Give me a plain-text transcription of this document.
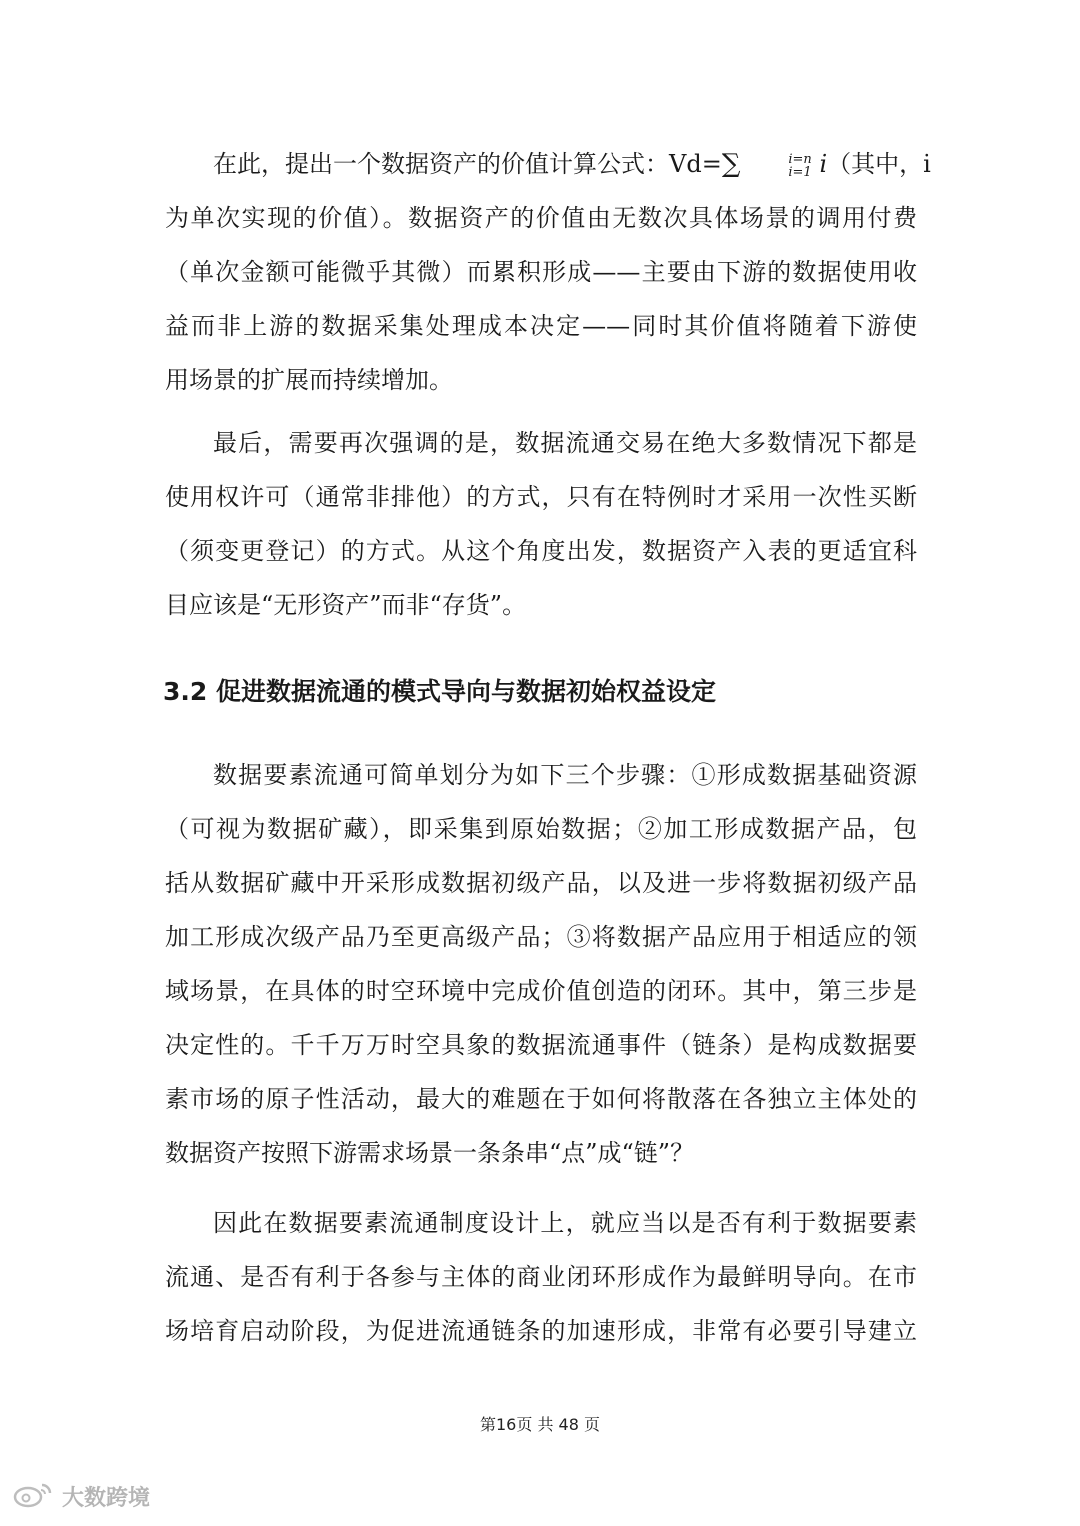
在此，提出一个数据资产的价值计算公式：Vd=∑	i=n
i=1 i（其中，i
为单次实现的价值）。数据资产的价值由无数次具体场景的调用付费
（单次金额可能微乎其微）而累积形成——主要由下游的数据使用收
益而非上游的数据采集处理成本决定——同时其价值将随着下游使
用场景的扩展而持续增加。
最后，需要再次强调的是，数据流通交易在绝大多数情况下都是
使用权许可（通常非排他）的方式，只有在特例时才采用一次性买断
（须变更登记）的方式。从这个角度出发，数据资产入表的更适宜科
目应该是“无形资产”而非“存货”。
3.2 促进数据流通的模式导向与数据初始权益设定
数据要素流通可简单划分为如下三个步骤：①形成数据基础资源
（可视为数据矿藏），即采集到原始数据；②加工形成数据产品，包
括从数据矿藏中开采形成数据初级产品，以及进一步将数据初级产品
加工形成次级产品乃至更高级产品；③将数据产品应用于相适应的领
域场景，在具体的时空环境中完成价值创造的闭环。其中，第三步是
决定性的。千千万万时空具象的数据流通事件（链条）是构成数据要
素市场的原子性活动，最大的难题在于如何将散落在各独立主体处的
数据资产按照下游需求场景一条条串“点”成“链”？
因此在数据要素流通制度设计上，就应当以是否有利于数据要素
流通、是否有利于各参与主体的商业闭环形成作为最鲜明导向。在市
场培育启动阶段，为促进流通链条的加速形成，非常有必要引导建立
第16页 共 48 页
大数跨境
